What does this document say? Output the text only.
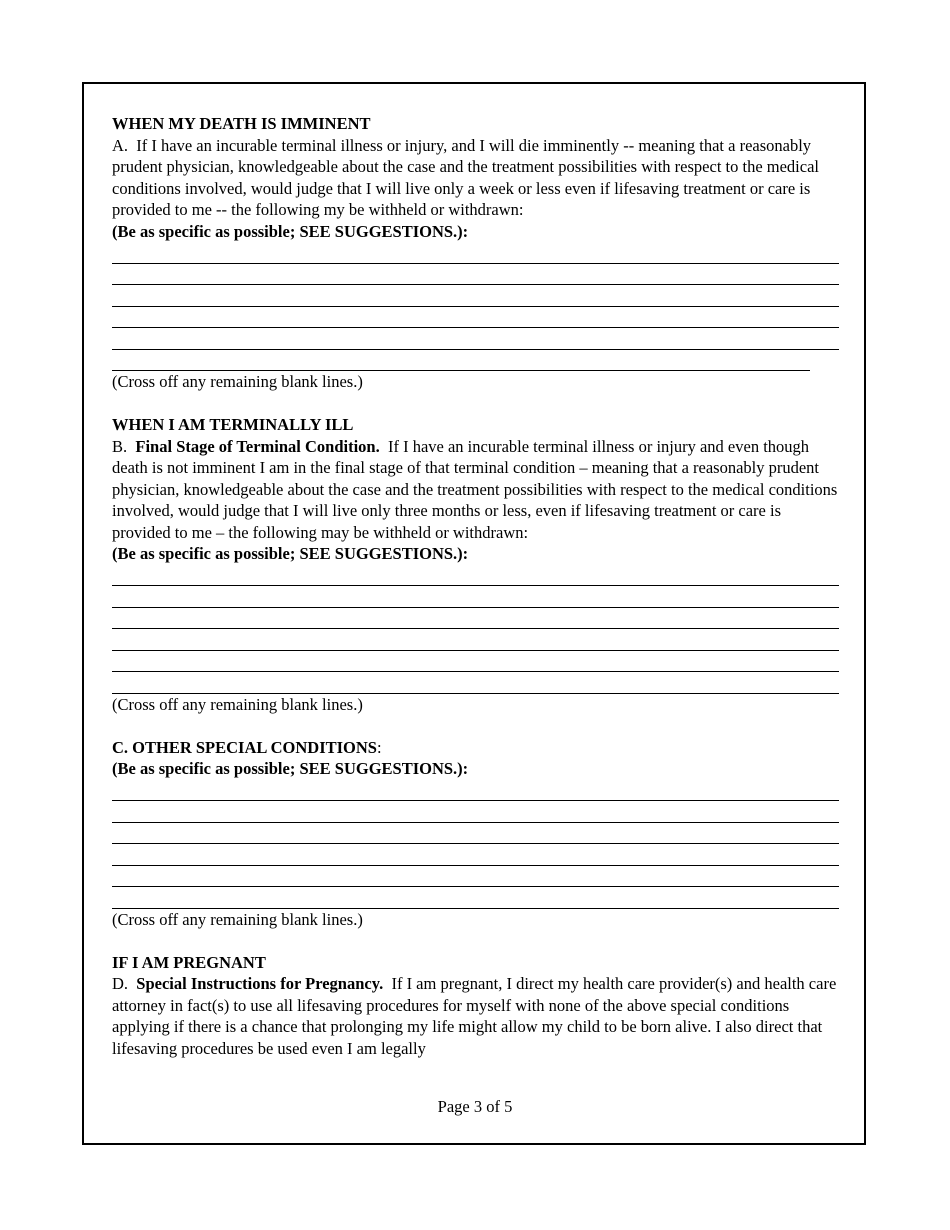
WHEN MY DEATH IS IMMINENT

A. If I have an incurable terminal illness or injury, and I will die imminently -- meaning that a reasonably prudent physician, knowledgeable about the case and the treatment possibilities with respect to the medical conditions involved, would judge that I will live only a week or less even if lifesaving treatment or care is provided to me -- the following my be withheld or withdrawn:

(Be as specific as possible; SEE SUGGESTIONS.):
(Cross off any remaining blank lines.)
WHEN I AM TERMINALLY ILL

B. Final Stage of Terminal Condition. If I have an incurable terminal illness or injury and even though death is not imminent I am in the final stage of that terminal condition – meaning that a reasonably prudent physician, knowledgeable about the case and the treatment possibilities with respect to the medical conditions involved, would judge that I will live only three months or less, even if lifesaving treatment or care is provided to me – the following may be withheld or withdrawn:

(Be as specific as possible; SEE SUGGESTIONS.):
(Cross off any remaining blank lines.)
C. OTHER SPECIAL CONDITIONS:
(Be as specific as possible; SEE SUGGESTIONS.):
(Cross off any remaining blank lines.)
IF I AM PREGNANT

D. Special Instructions for Pregnancy. If I am pregnant, I direct my health care provider(s) and health care attorney in fact(s) to use all lifesaving procedures for myself with none of the above special conditions applying if there is a chance that prolonging my life might allow my child to be born alive. I also direct that lifesaving procedures be used even I am legally

Page 3 of 5
